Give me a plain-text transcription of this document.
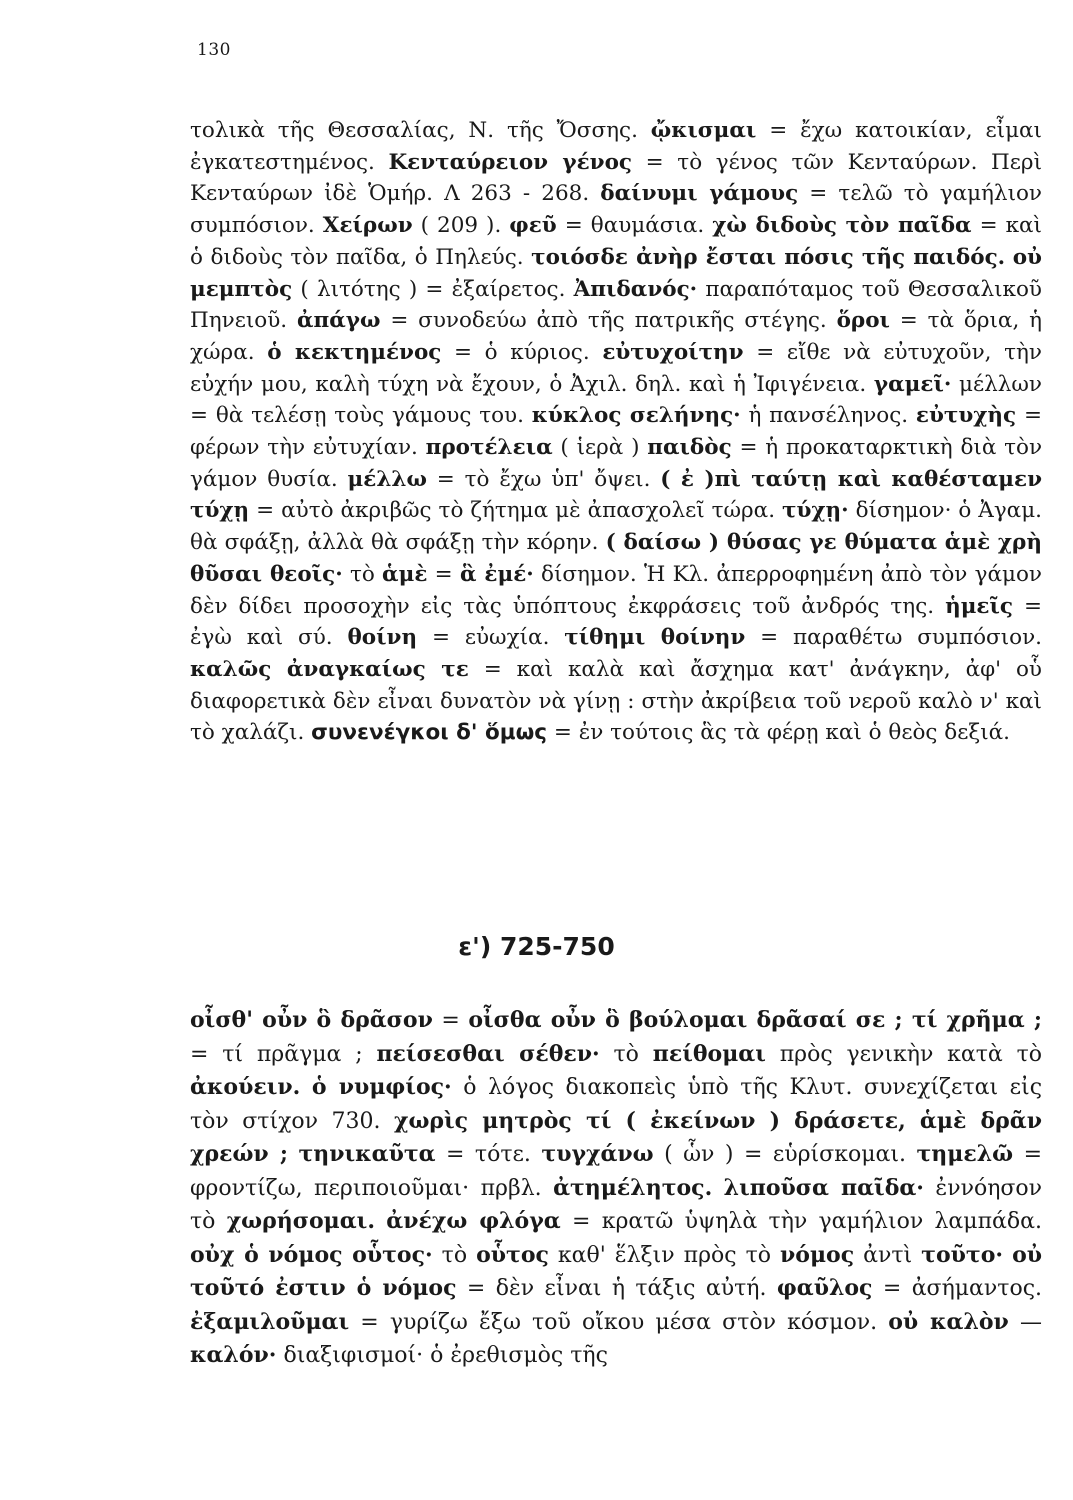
130

τολικὰ τῆς Θεσσαλίας, Ν. τῆς Ὄσσης. ᾤκισμαι = ἔχω κατοικίαν, εἶμαι ἐγκατεστημένος. Κενταύρειον γένος = τὸ γένος τῶν Κενταύρων. Περὶ Κενταύρων ἰδὲ Ὁμήρ. Λ 263 - 268. δαίνυμι γάμους = τελῶ τὸ γαμήλιον συμπόσιον. Χείρων ( 209 ). φεῦ = θαυμάσια. χὼ διδοὺς τὸν παῖδα = καὶ ὁ διδοὺς τὸν παῖδα, ὁ Πηλεύς. τοιόσδε ἀνὴρ ἔσται πόσις τῆς παιδός. οὐ μεμπτὸς ( λιτότης ) = ἐξαίρετος. Ἀπιδανός· παραπόταμος τοῦ Θεσσαλικοῦ Πηνειοῦ. ἀπάγω = συνοδεύω ἀπὸ τῆς πατρικῆς στέγης. ὅροι = τὰ ὅρια, ἡ χώρα. ὁ κεκτημένος = ὁ κύριος. εὐτυχοίτην = εἴθε νὰ εὐτυχοῦν, τὴν εὐχήν μου, καλὴ τύχη νὰ ἔχουν, ὁ Ἀχιλ. δηλ. καὶ ἡ Ἰφιγένεια. γαμεῖ· μέλλων = θὰ τελέσῃ τοὺς γάμους του. κύκλος σελήνης· ἡ πανσέληνος. εὐτυχὴς = φέρων τὴν εὐτυχίαν. προτέλεια ( ἱερὰ ) παιδὸς = ἡ προκαταρκτικὴ διὰ τὸν γάμον θυσία. μέλλω = τὸ ἔχω ὑπ' ὄψει. ( ἐ )πὶ ταύτῃ καὶ καθέσταμεν τύχῃ = αὐτὸ ἀκριβῶς τὸ ζήτημα μὲ ἀπασχολεῖ τώρα. τύχῃ· δίσημον· ὁ Ἀγαμ. θὰ σφάξῃ, ἀλλὰ θὰ σφάξῃ τὴν κόρην. ( δαίσω ) θύσας γε θύματα ἁμὲ χρὴ θῦσαι θεοῖς· τὸ ἁμὲ = ἃ ἐμέ· δίσημον. Ἡ Κλ. ἀπερροφημένη ἀπὸ τὸν γάμον δὲν δίδει προσοχὴν εἰς τὰς ὑπόπτους ἐκφράσεις τοῦ ἀνδρός της. ἡμεῖς = ἐγὼ καὶ σύ. θοίνη = εὐωχία. τίθημι θοίνην = παραθέτω συμπόσιον. καλῶς ἀναγκαίως τε = καὶ καλὰ καὶ ἄσχημα κατ' ἀνάγκην, ἀφ' οὗ διαφορετικὰ δὲν εἶναι δυνατὸν νὰ γίνῃ : στὴν ἀκρίβεια τοῦ νεροῦ καλὸ ν' καὶ τὸ χαλάζι. συνενέγκοι δ' ὅμως = ἐν τούτοις ἃς τὰ φέρῃ καὶ ὁ θεὸς δεξιά.

ε') 725-750

οἶσθ' οὖν ὃ δρᾶσον = οἶσθα οὖν ὃ βούλομαι δρᾶσαί σε ; τί χρῆμα ; = τί πρᾶγμα ; πείσεσθαι σέθεν· τὸ πείθομαι πρὸς γενικὴν κατὰ τὸ ἀκούειν. ὁ νυμφίος· ὁ λόγος διακοπεὶς ὑπὸ τῆς Κλυτ. συνεχίζεται εἰς τὸν στίχον 730. χωρὶς μητρὸς τί ( ἐκείνων ) δράσετε, ἁμὲ δρᾶν χρεών ; τηνικαῦτα = τότε. τυγχάνω ( ὧν ) = εὑρίσκομαι. τημελῶ = φροντίζω, περιποιοῦμαι· πρβλ. ἀτημέλητος. λιποῦσα παῖδα· ἐννόησον τὸ χωρήσομαι. ἀνέχω φλόγα = κρατῶ ὑψηλὰ τὴν γαμήλιον λαμπάδα. οὐχ ὁ νόμος οὗτος· τὸ οὗτος καθ' ἕλξιν πρὸς τὸ νόμος ἀντὶ τοῦτο· οὐ τοῦτό ἐστιν ὁ νόμος = δὲν εἶναι ἡ τάξις αὐτή. φαῦλος = ἀσήμαντος. ἐξαμιλοῦμαι = γυρίζω ἔξω τοῦ οἴκου μέσα στὸν κόσμον. οὐ καλὸν — καλόν· διαξιφισμοί· ὁ ἐρεθισμὸς τῆς
